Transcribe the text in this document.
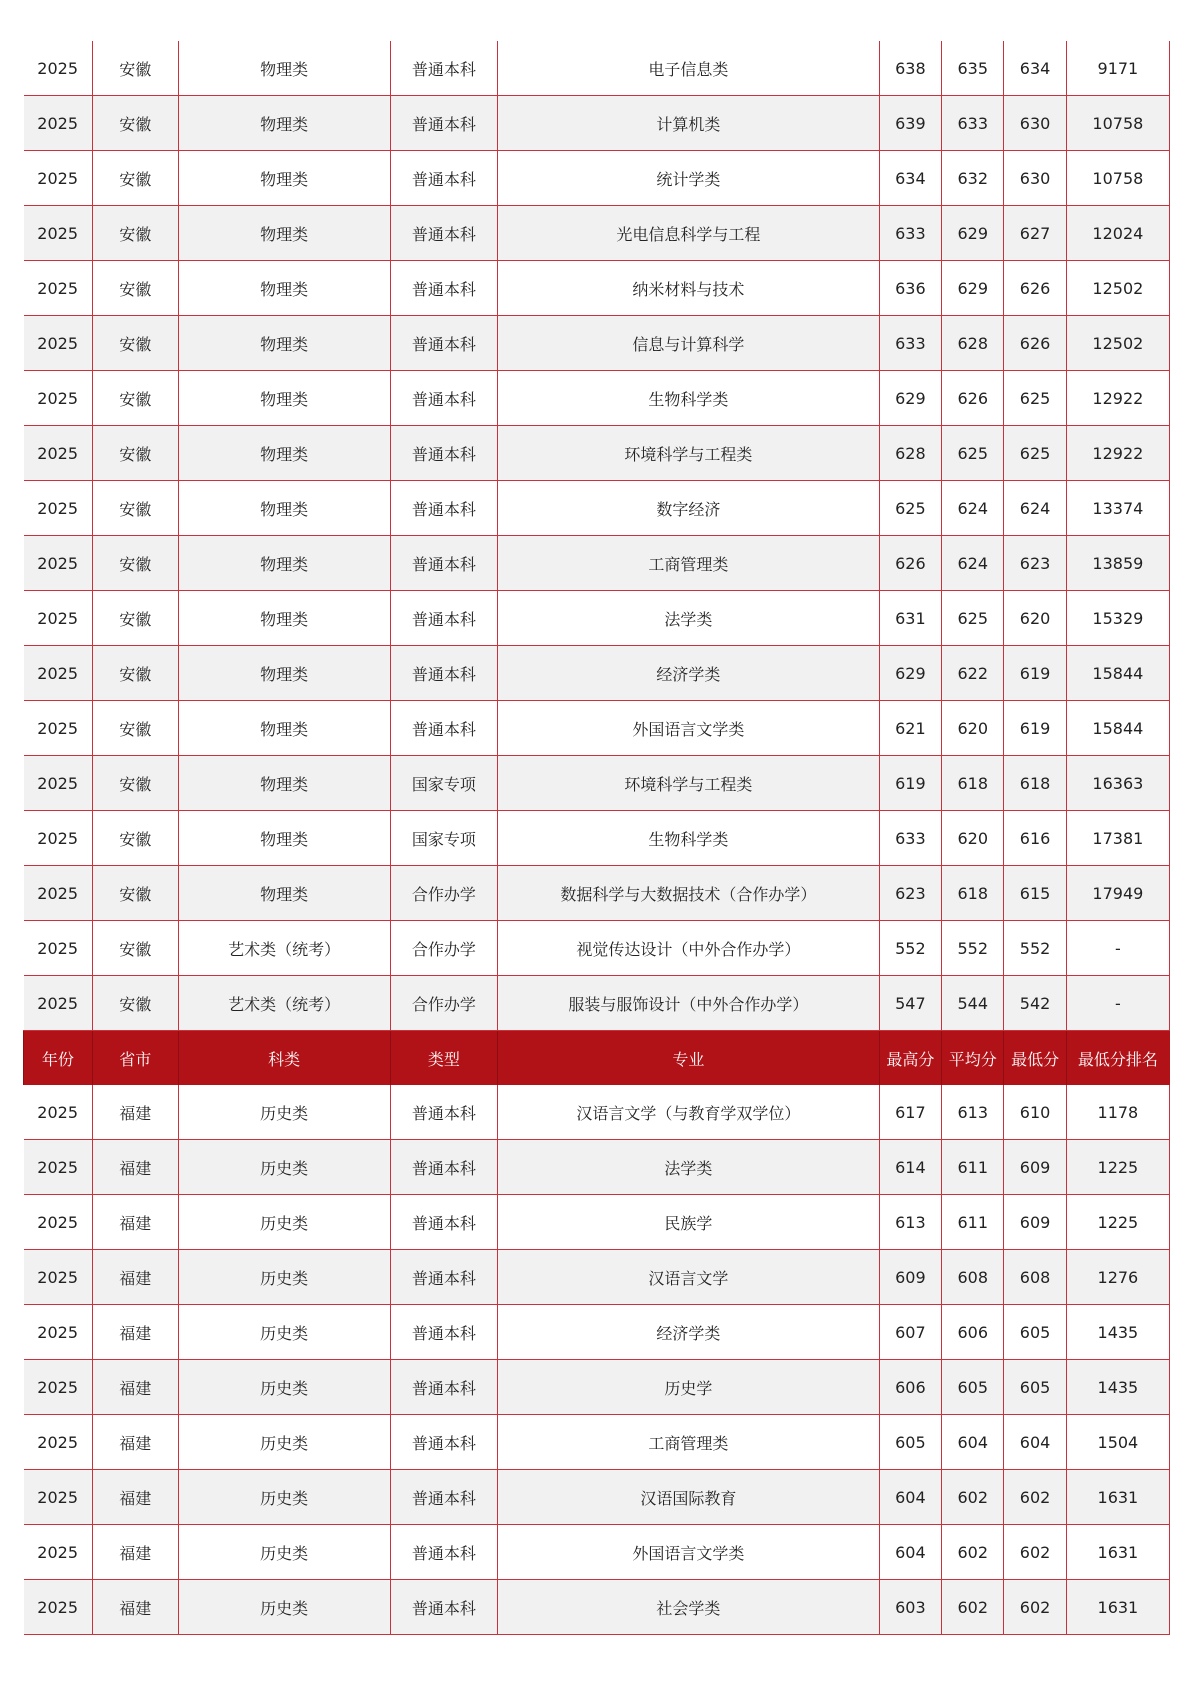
2025	安徽	物理类	普通本科	电子信息类	638	635	634	9171
2025	安徽	物理类	普通本科	计算机类	639	633	630	10758
2025	安徽	物理类	普通本科	统计学类	634	632	630	10758
2025	安徽	物理类	普通本科	光电信息科学与工程	633	629	627	12024
2025	安徽	物理类	普通本科	纳米材料与技术	636	629	626	12502
2025	安徽	物理类	普通本科	信息与计算科学	633	628	626	12502
2025	安徽	物理类	普通本科	生物科学类	629	626	625	12922
2025	安徽	物理类	普通本科	环境科学与工程类	628	625	625	12922
2025	安徽	物理类	普通本科	数字经济	625	624	624	13374
2025	安徽	物理类	普通本科	工商管理类	626	624	623	13859
2025	安徽	物理类	普通本科	法学类	631	625	620	15329
2025	安徽	物理类	普通本科	经济学类	629	622	619	15844
2025	安徽	物理类	普通本科	外国语言文学类	621	620	619	15844
2025	安徽	物理类	国家专项	环境科学与工程类	619	618	618	16363
2025	安徽	物理类	国家专项	生物科学类	633	620	616	17381
2025	安徽	物理类	合作办学	数据科学与大数据技术（合作办学）	623	618	615	17949
2025	安徽	艺术类（统考）	合作办学	视觉传达设计（中外合作办学）	552	552	552	-
2025	安徽	艺术类（统考）	合作办学	服装与服饰设计（中外合作办学）	547	544	542	-
年份	省市	科类	类型	专业	最高分	平均分	最低分	最低分排名
2025	福建	历史类	普通本科	汉语言文学（与教育学双学位）	617	613	610	1178
2025	福建	历史类	普通本科	法学类	614	611	609	1225
2025	福建	历史类	普通本科	民族学	613	611	609	1225
2025	福建	历史类	普通本科	汉语言文学	609	608	608	1276
2025	福建	历史类	普通本科	经济学类	607	606	605	1435
2025	福建	历史类	普通本科	历史学	606	605	605	1435
2025	福建	历史类	普通本科	工商管理类	605	604	604	1504
2025	福建	历史类	普通本科	汉语国际教育	604	602	602	1631
2025	福建	历史类	普通本科	外国语言文学类	604	602	602	1631
2025	福建	历史类	普通本科	社会学类	603	602	602	1631
